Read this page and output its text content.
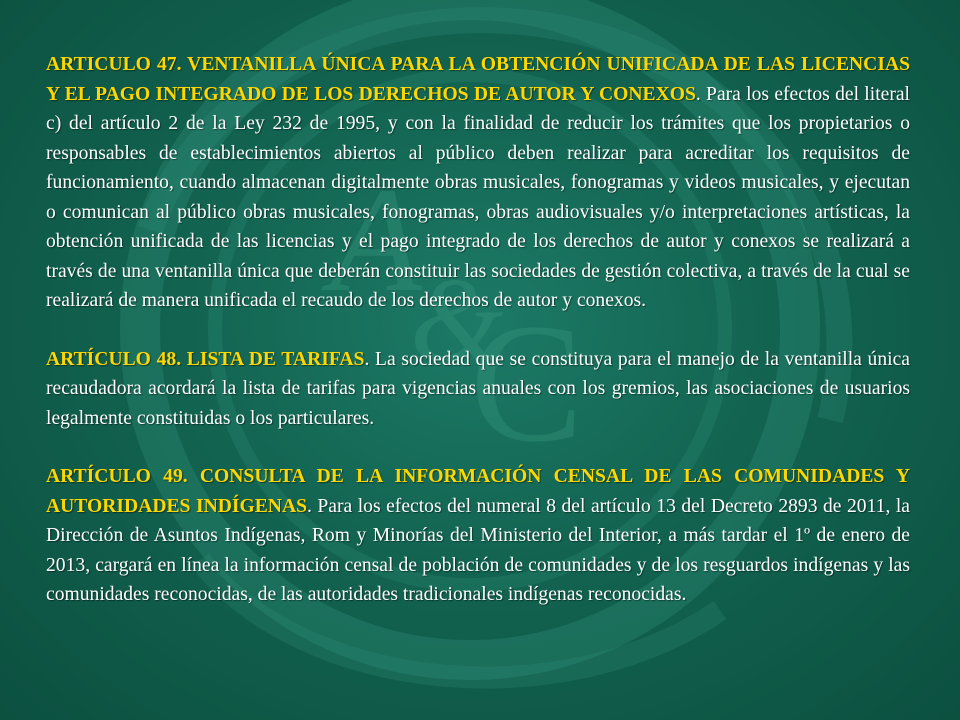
A
&
C

ARTICULO 47. VENTANILLA ÚNICA PARA LA OBTENCIÓN UNIFICADA DE LAS LICENCIAS Y EL PAGO INTEGRADO DE LOS DERECHOS DE AUTOR Y CONEXOS. Para los efectos del literal c) del artículo 2 de la Ley 232 de 1995, y con la finalidad de reducir los trámites que los propietarios o responsables de establecimientos abiertos al público deben realizar para acreditar los requisitos de funcionamiento, cuando almacenan digitalmente obras musicales, fonogramas y videos musicales, y ejecutan o comunican al público obras musicales, fonogramas, obras audiovisuales y/o interpretaciones artísticas, la obtención unificada de las licencias y el pago integrado de los derechos de autor y conexos se realizará a través de una ventanilla única que deberán constituir las sociedades de gestión colectiva, a través de la cual se realizará de manera unificada el recaudo de los derechos de autor y conexos.

ARTÍCULO 48. LISTA DE TARIFAS. La sociedad que se constituya para el manejo de la ventanilla única recaudadora acordará la lista de tarifas para vigencias anuales con los gremios, las asociaciones de usuarios legalmente constituidas o los particulares.

ARTÍCULO 49. CONSULTA DE LA INFORMACIÓN CENSAL DE LAS COMUNIDADES Y AUTORIDADES INDÍGENAS. Para los efectos del numeral 8 del artículo 13 del Decreto 2893 de 2011, la Dirección de Asuntos Indígenas, Rom y Minorías del Ministerio del Interior, a más tardar el 1º de enero de 2013, cargará en línea la información censal de población de comunidades y de los resguardos indígenas y las comunidades reconocidas, de las autoridades tradicionales indígenas reconocidas.
